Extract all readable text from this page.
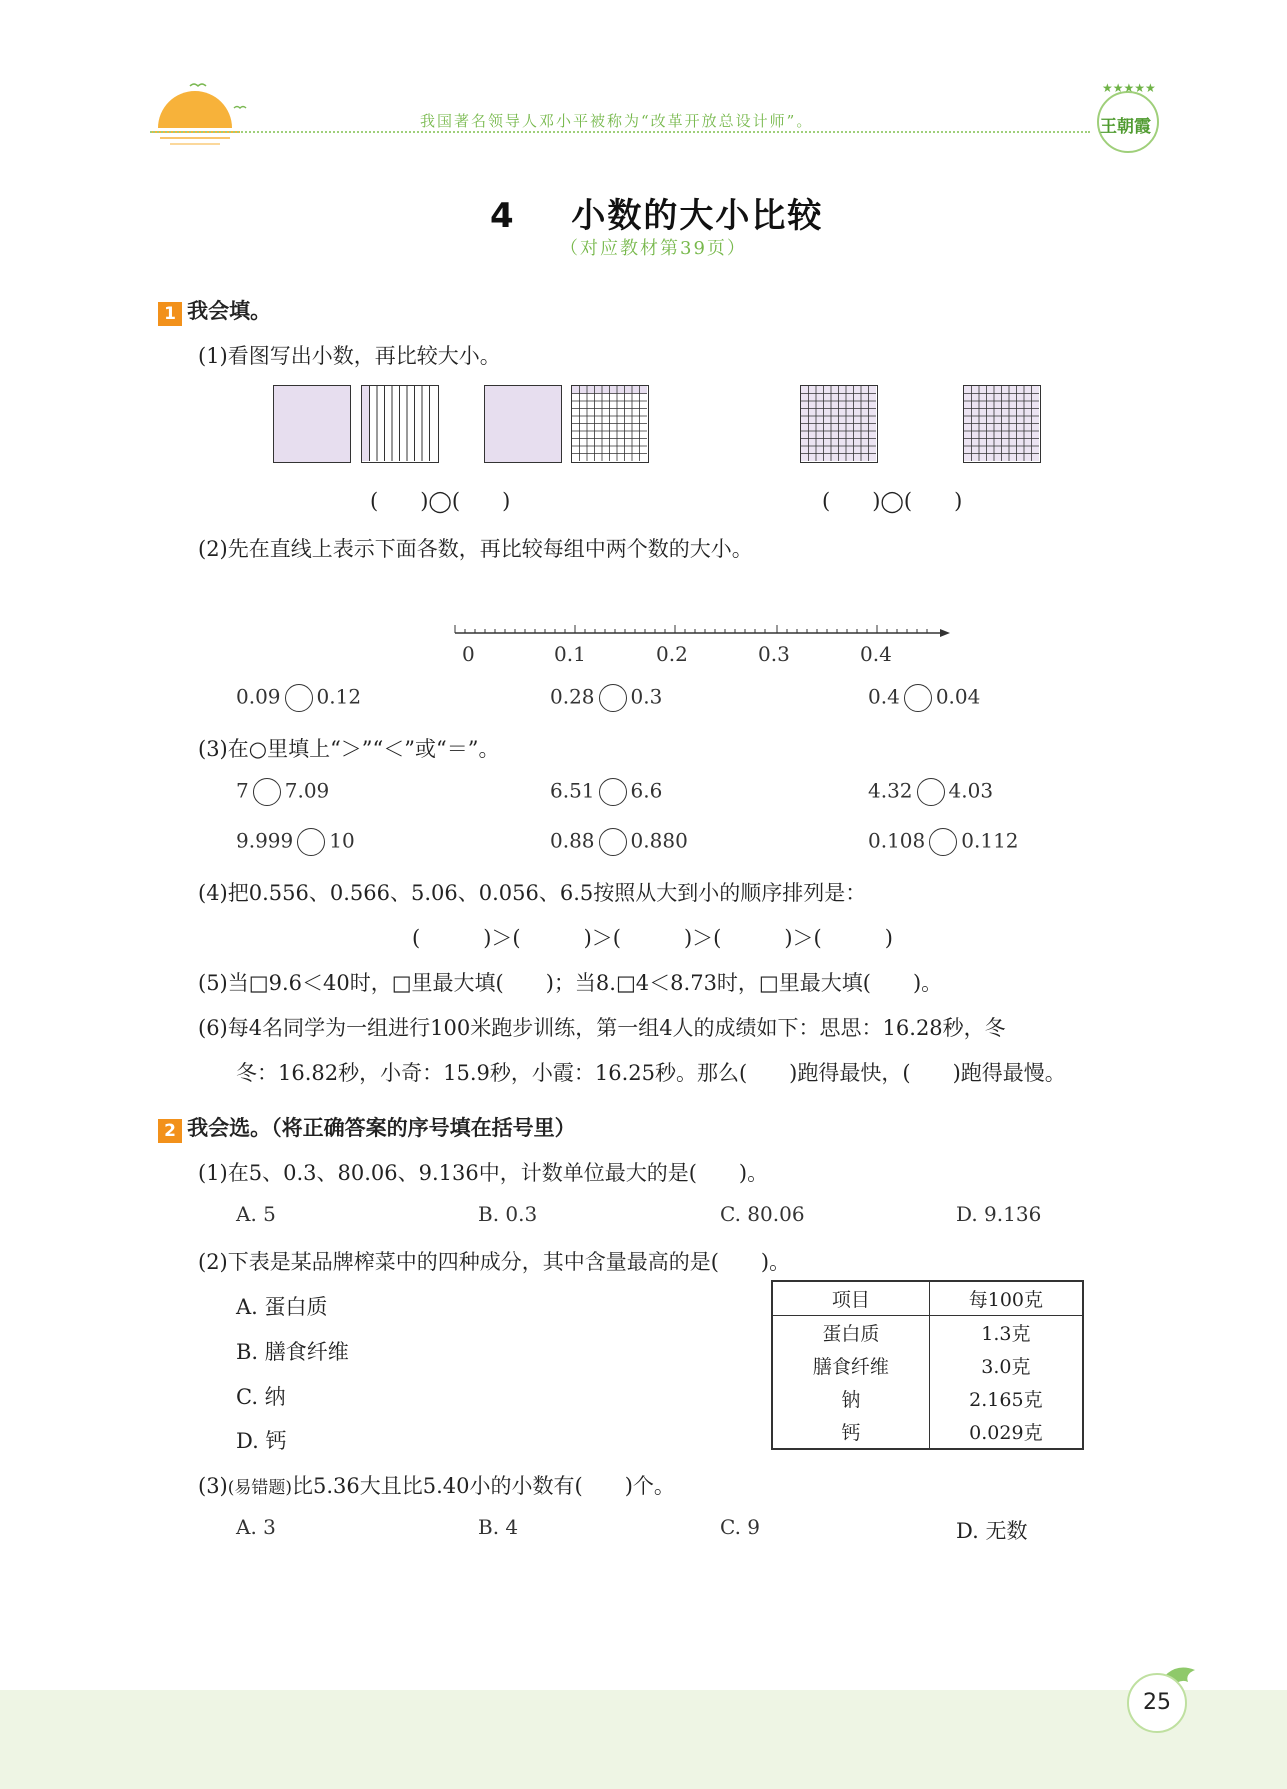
我国著名领导人邓小平被称为“改革开放总设计师”。
★★★★★
王朝霞
4 小数的大小比较
（对应教材第39页）
1 我会填。
(1)看图写出小数，再比较大小。
(　　)◯(　　)	(　　)◯(　　)
(2)先在直线上表示下面各数，再比较每组中两个数的大小。
0	0.1	0.2	0.3	0.4
0.09 0.12	0.28 0.3	0.4 0.04
(3)在○里填上“＞”“＜”或“＝”。
7 7.09	6.51 6.6	4.32 4.03
9.999 10	0.88 0.880	0.108 0.112
(4)把0.556、0.566、5.06、0.056、6.5按照从大到小的顺序排列是：
(　　　)＞(　　　)＞(　　　)＞(　　　)＞(　　　)
(5)当□9.6＜40时，□里最大填(　　)；当8.□4＜8.73时，□里最大填(　　)。
(6)每4名同学为一组进行100米跑步训练，第一组4人的成绩如下：思思：16.28秒，冬
冬：16.82秒，小奇：15.9秒，小霞：16.25秒。那么(　　)跑得最快，(　　)跑得最慢。
2 我会选。（将正确答案的序号填在括号里）
(1)在5、0.3、80.06、9.136中，计数单位最大的是(　　)。
A. 5	B. 0.3	C. 80.06	D. 9.136
(2)下表是某品牌榨菜中的四种成分，其中含量最高的是(　　)。
A. 蛋白质
B. 膳食纤维
C. 纳
D. 钙
项目	每100克
蛋白质	1.3克
膳食纤维	3.0克
钠	2.165克
钙	0.029克
(3)(易错题)比5.36大且比5.40小的小数有(　　)个。
A. 3	B. 4	C. 9	D. 无数
25
